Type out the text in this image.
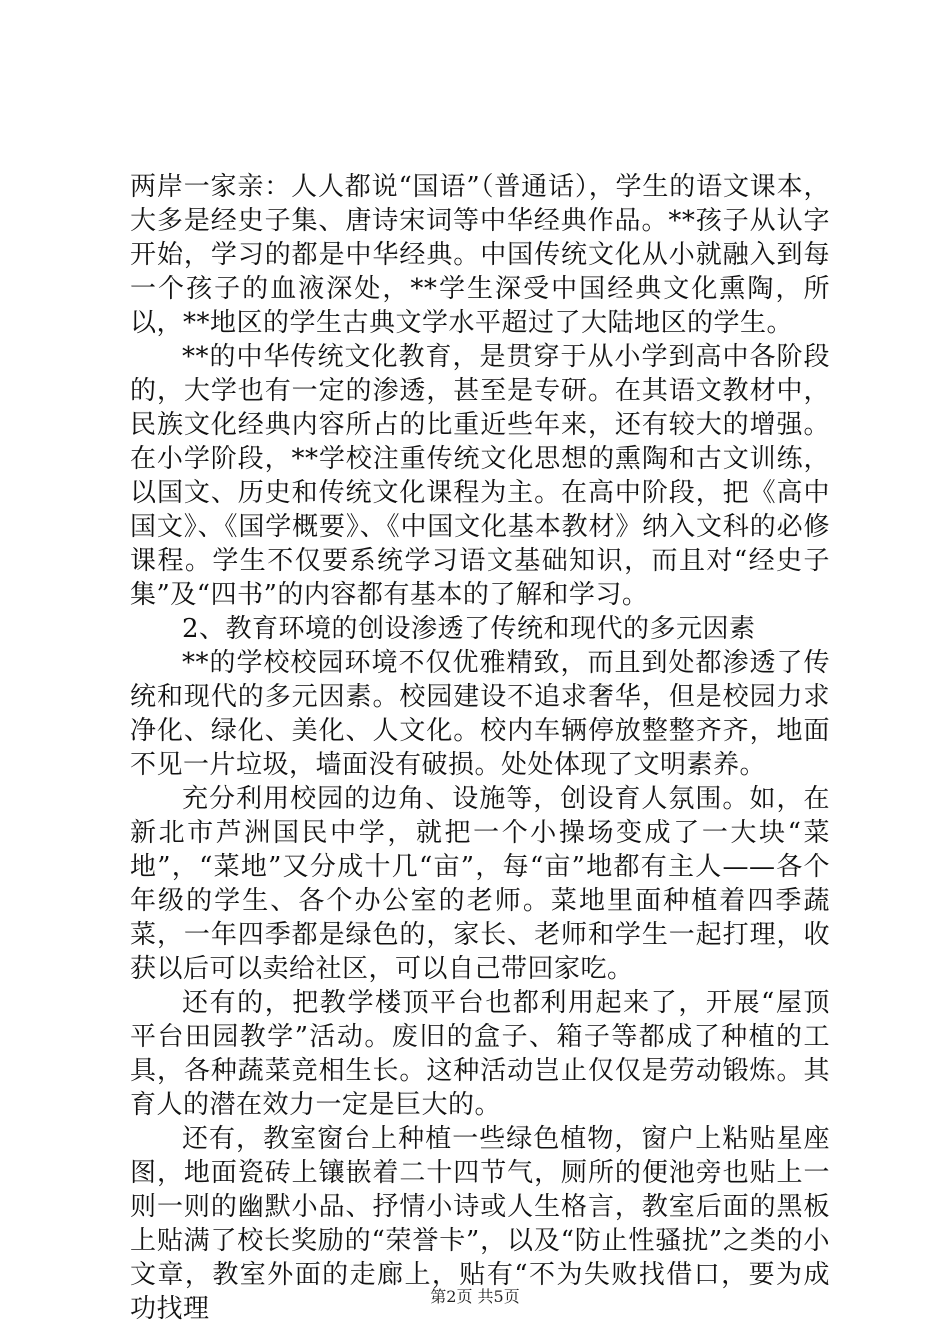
两岸一家亲：人人都说“国语”（普通话），学生的语文课本，大多是经史子集、唐诗宋词等中华经典作品。**孩子从认字开始，学习的都是中华经典。中国传统文化从小就融入到每一个孩子的血液深处，**学生深受中国经典文化熏陶，所以，**地区的学生古典文学水平超过了大陆地区的学生。

**的中华传统文化教育，是贯穿于从小学到高中各阶段的，大学也有一定的渗透，甚至是专研。在其语文教材中，民族文化经典内容所占的比重近些年来，还有较大的增强。在小学阶段，**学校注重传统文化思想的熏陶和古文训练，以国文、历史和传统文化课程为主。在高中阶段，把《高中国文》、《国学概要》、《中国文化基本教材》纳入文科的必修课程。学生不仅要系统学习语文基础知识，而且对“经史子集”及“四书”的内容都有基本的了解和学习。

2、教育环境的创设渗透了传统和现代的多元因素

**的学校校园环境不仅优雅精致，而且到处都渗透了传统和现代的多元因素。校园建设不追求奢华，但是校园力求净化、绿化、美化、人文化。校内车辆停放整整齐齐，地面不见一片垃圾，墙面没有破损。处处体现了文明素养。

充分利用校园的边角、设施等，创设育人氛围。如，在新北市芦洲国民中学，就把一个小操场变成了一大块“菜地”，“菜地”又分成十几“亩”，每“亩”地都有主人——各个年级的学生、各个办公室的老师。菜地里面种植着四季蔬菜，一年四季都是绿色的，家长、老师和学生一起打理，收获以后可以卖给社区，可以自己带回家吃。

还有的，把教学楼顶平台也都利用起来了，开展“屋顶平台田园教学”活动。废旧的盒子、箱子等都成了种植的工具，各种蔬菜竞相生长。这种活动岂止仅仅是劳动锻炼。其育人的潜在效力一定是巨大的。

还有，教室窗台上种植一些绿色植物，窗户上粘贴星座图，地面瓷砖上镶嵌着二十四节气，厕所的便池旁也贴上一则一则的幽默小品、抒情小诗或人生格言，教室后面的黑板上贴满了校长奖励的“荣誉卡”，以及“防止性骚扰”之类的小文章，教室外面的走廊上，贴有“不为失败找借口，要为成功找理	第2页 共5页
